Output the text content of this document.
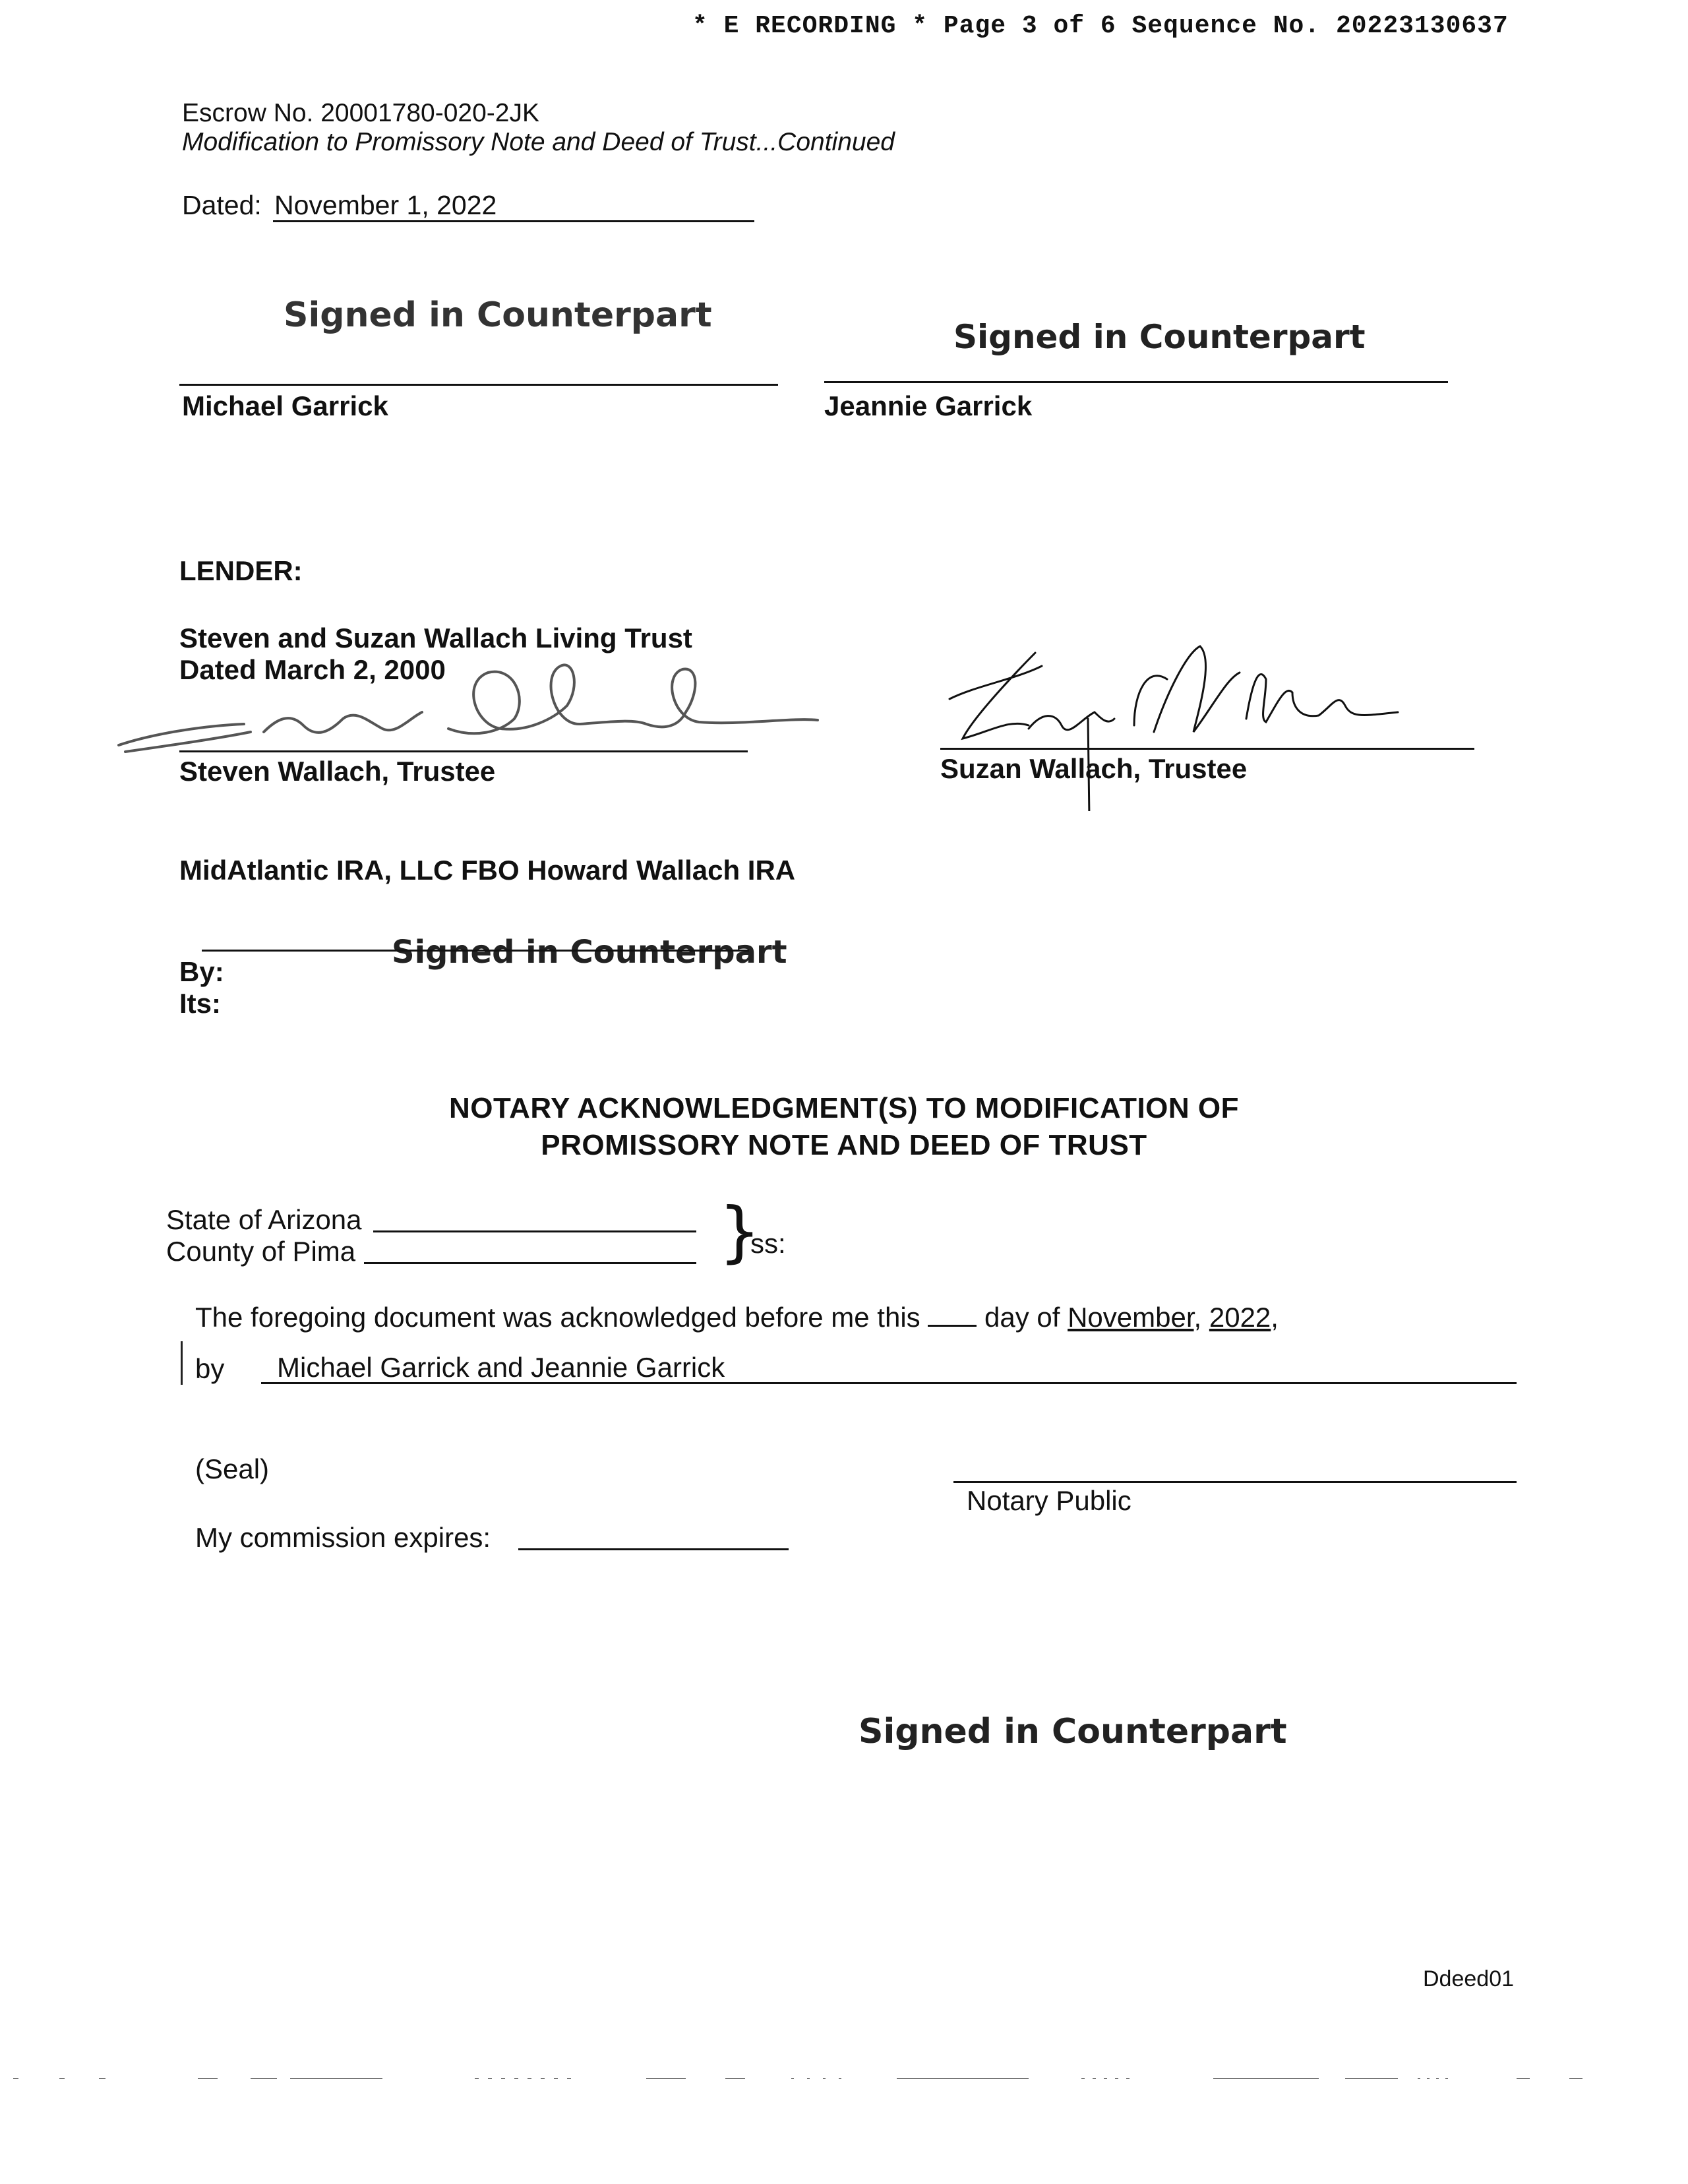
* E RECORDING * Page 3 of 6 Sequence No. 20223130637
Escrow No. 20001780-020-2JK
Modification to Promissory Note and Deed of Trust...Continued
Dated: November 1, 2022
Signed in Counterpart
Michael Garrick
Signed in Counterpart
Jeannie Garrick
LENDER:
Steven and Suzan Wallach Living Trust
Dated March 2, 2000
Steven Wallach, Trustee	Suzan Wallach, Trustee
MidAtlantic IRA, LLC FBO Howard Wallach IRA
Signed in Counterpart
By:
Its:
NOTARY ACKNOWLEDGMENT(S) TO MODIFICATION OF
PROMISSORY NOTE AND DEED OF TRUST
State of Arizona
County of Pima	}
ss:
The foregoing document was acknowledged before me this day of November, 2022,
by Michael Garrick and Jeannie Garrick
(Seal)
Notary Public
My commission expires:
Signed in Counterpart
Ddeed01
